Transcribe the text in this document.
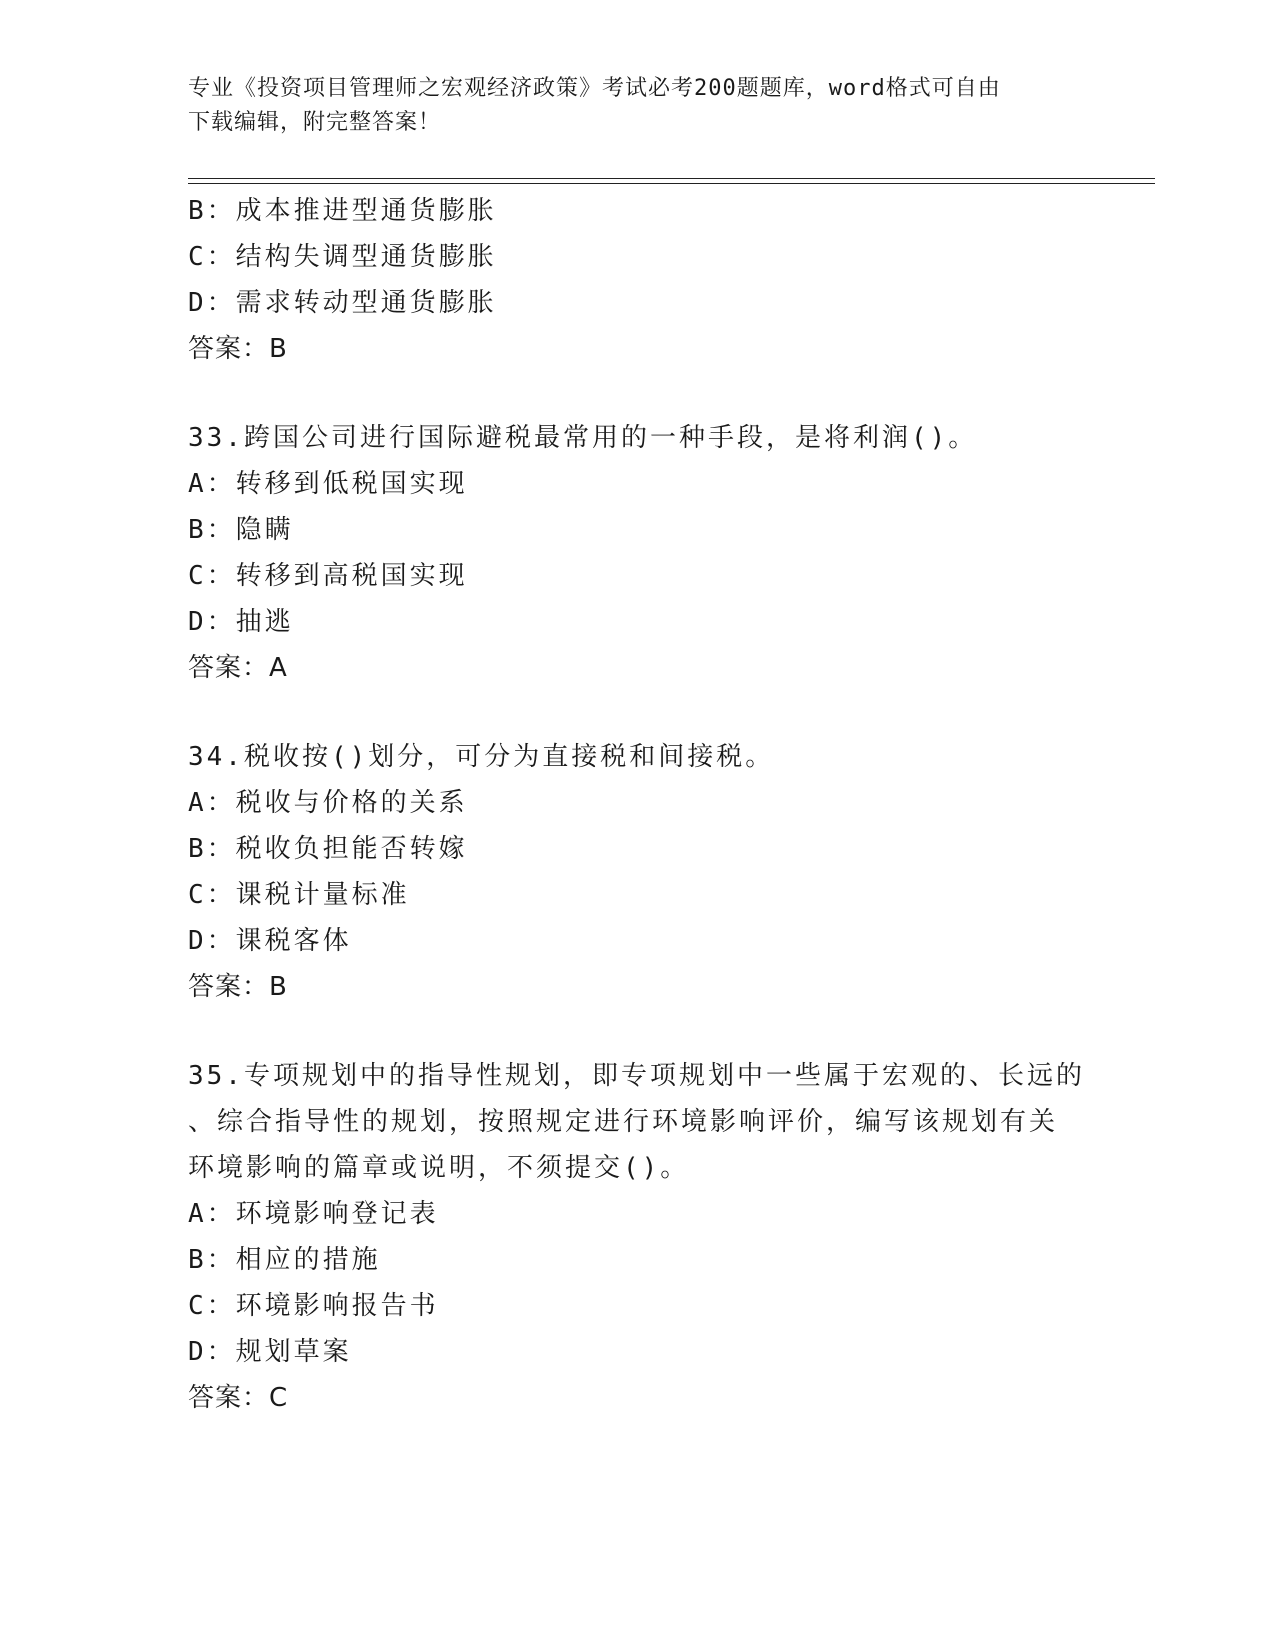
专业《投资项目管理师之宏观经济政策》考试必考200题题库，word格式可自由
下载编辑，附完整答案！
B：成本推进型通货膨胀
C：结构失调型通货膨胀
D：需求转动型通货膨胀
答案：B
33.跨国公司进行国际避税最常用的一种手段，是将利润()。
A：转移到低税国实现
B：隐瞒
C：转移到高税国实现
D：抽逃
答案：A
34.税收按()划分，可分为直接税和间接税。
A：税收与价格的关系
B：税收负担能否转嫁
C：课税计量标准
D：课税客体
答案：B
35.专项规划中的指导性规划，即专项规划中一些属于宏观的、长远的
、综合指导性的规划，按照规定进行环境影响评价，编写该规划有关
环境影响的篇章或说明，不须提交()。
A：环境影响登记表
B：相应的措施
C：环境影响报告书
D：规划草案
答案：C
